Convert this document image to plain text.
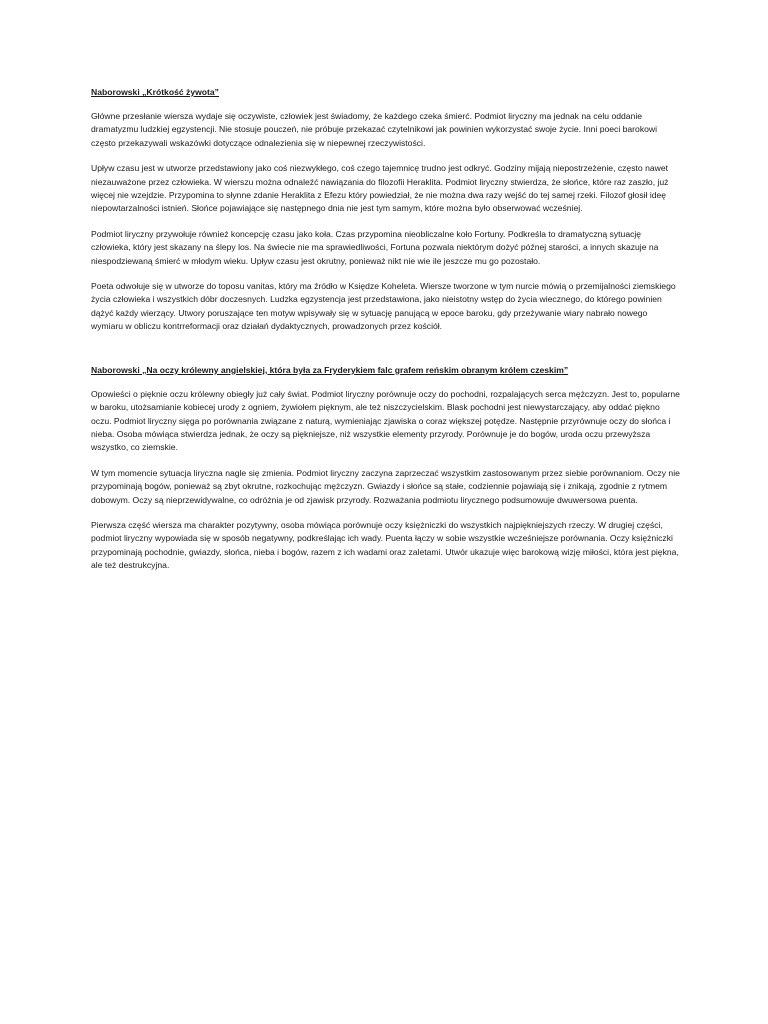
Naborowski „Krótkość żywota”

Główne przesłanie wiersza wydaje się oczywiste, człowiek jest świadomy, że każdego czeka śmierć. Podmiot liryczny ma jednak na celu oddanie dramatyzmu ludzkiej egzystencji. Nie stosuje pouczeń, nie próbuje przekazać czytelnikowi jak powinien wykorzystać swoje życie. Inni poeci barokowi często przekazywali wskazówki dotyczące odnalezienia się w niepewnej rzeczywistości.

Upływ czasu jest w utworze przedstawiony jako coś niezwykłego, coś czego tajemnicę trudno jest odkryć. Godziny mijają niepostrzeżenie, często nawet niezauważone przez człowieka. W wierszu można odnaleźć nawiązania do filozofii Heraklita. Podmiot liryczny stwierdza, że słońce, które raz zaszło, już więcej nie wzejdzie. Przypomina to słynne zdanie Heraklita z Efezu który powiedział, że nie można dwa razy wejść do tej samej rzeki. Filozof głosił ideę niepowtarzalności istnień. Słońce pojawiające się następnego dnia nie jest tym samym, które można było obserwować wcześniej.

Podmiot liryczny przywołuje również koncepcję czasu jako koła. Czas przypomina nieobliczalne koło Fortuny. Podkreśla to dramatyczną sytuację człowieka, który jest skazany na ślepy los. Na świecie nie ma sprawiedliwości, Fortuna pozwala niektórym dożyć późnej starości, a innych skazuje na niespodziewaną śmierć w młodym wieku. Upływ czasu jest okrutny, ponieważ nikt nie wie ile jeszcze mu go pozostało.

Poeta odwołuje się w utworze do toposu vanitas, który ma źródło w Księdze Koheleta. Wiersze tworzone w tym nurcie mówią o przemijalności ziemskiego życia człowieka i wszystkich dóbr doczesnych. Ludzka egzystencja jest przedstawiona, jako nieistotny wstęp do życia wiecznego, do którego powinien dążyć każdy wierzący. Utwory poruszające ten motyw wpisywały się w sytuację panującą w epoce baroku, gdy przeżywanie wiary nabrało nowego wymiaru w obliczu kontrreformacji oraz działań dydaktycznych, prowadzonych przez kościół.

Naborowski „Na oczy królewny angielskiej, która była za Fryderykiem falc grafem reńskim obranym królem czeskim”

Opowieści o pięknie oczu królewny obiegły już cały świat. Podmiot liryczny porównuje oczy do pochodni, rozpalających serca mężczyzn. Jest to, popularne w baroku, utożsamianie kobiecej urody z ogniem, żywiołem pięknym, ale też niszczycielskim. Blask pochodni jest niewystarczający, aby oddać piękno oczu. Podmiot liryczny sięga po porównania związane z naturą, wymieniając zjawiska o coraz większej potędze. Następnie przyrównuje oczy do słońca i nieba. Osoba mówiąca stwierdza jednak, że oczy są piękniejsze, niż wszystkie elementy przyrody. Porównuje je do bogów, uroda oczu przewyższa wszystko, co ziemskie.

W tym momencie sytuacja liryczna nagle się zmienia. Podmiot liryczny zaczyna zaprzeczać wszystkim zastosowanym przez siebie porównaniom. Oczy nie przypominają bogów, ponieważ są zbyt okrutne, rozkochując mężczyzn. Gwiazdy i słońce są stałe, codziennie pojawiają się i znikają, zgodnie z rytmem dobowym. Oczy są nieprzewidywalne, co odróżnia je od zjawisk przyrody. Rozważania podmiotu lirycznego podsumowuje dwuwersowa puenta.

Pierwsza część wiersza ma charakter pozytywny, osoba mówiąca porównuje oczy księżniczki do wszystkich najpiękniejszych rzeczy. W drugiej części, podmiot liryczny wypowiada się w sposób negatywny, podkreślając ich wady. Puenta łączy w sobie wszystkie wcześniejsze porównania. Oczy księżniczki przypominają pochodnie, gwiazdy, słońca, nieba i bogów, razem z ich wadami oraz zaletami. Utwór ukazuje więc barokową wizję miłości, która jest piękna, ale też destrukcyjna.
